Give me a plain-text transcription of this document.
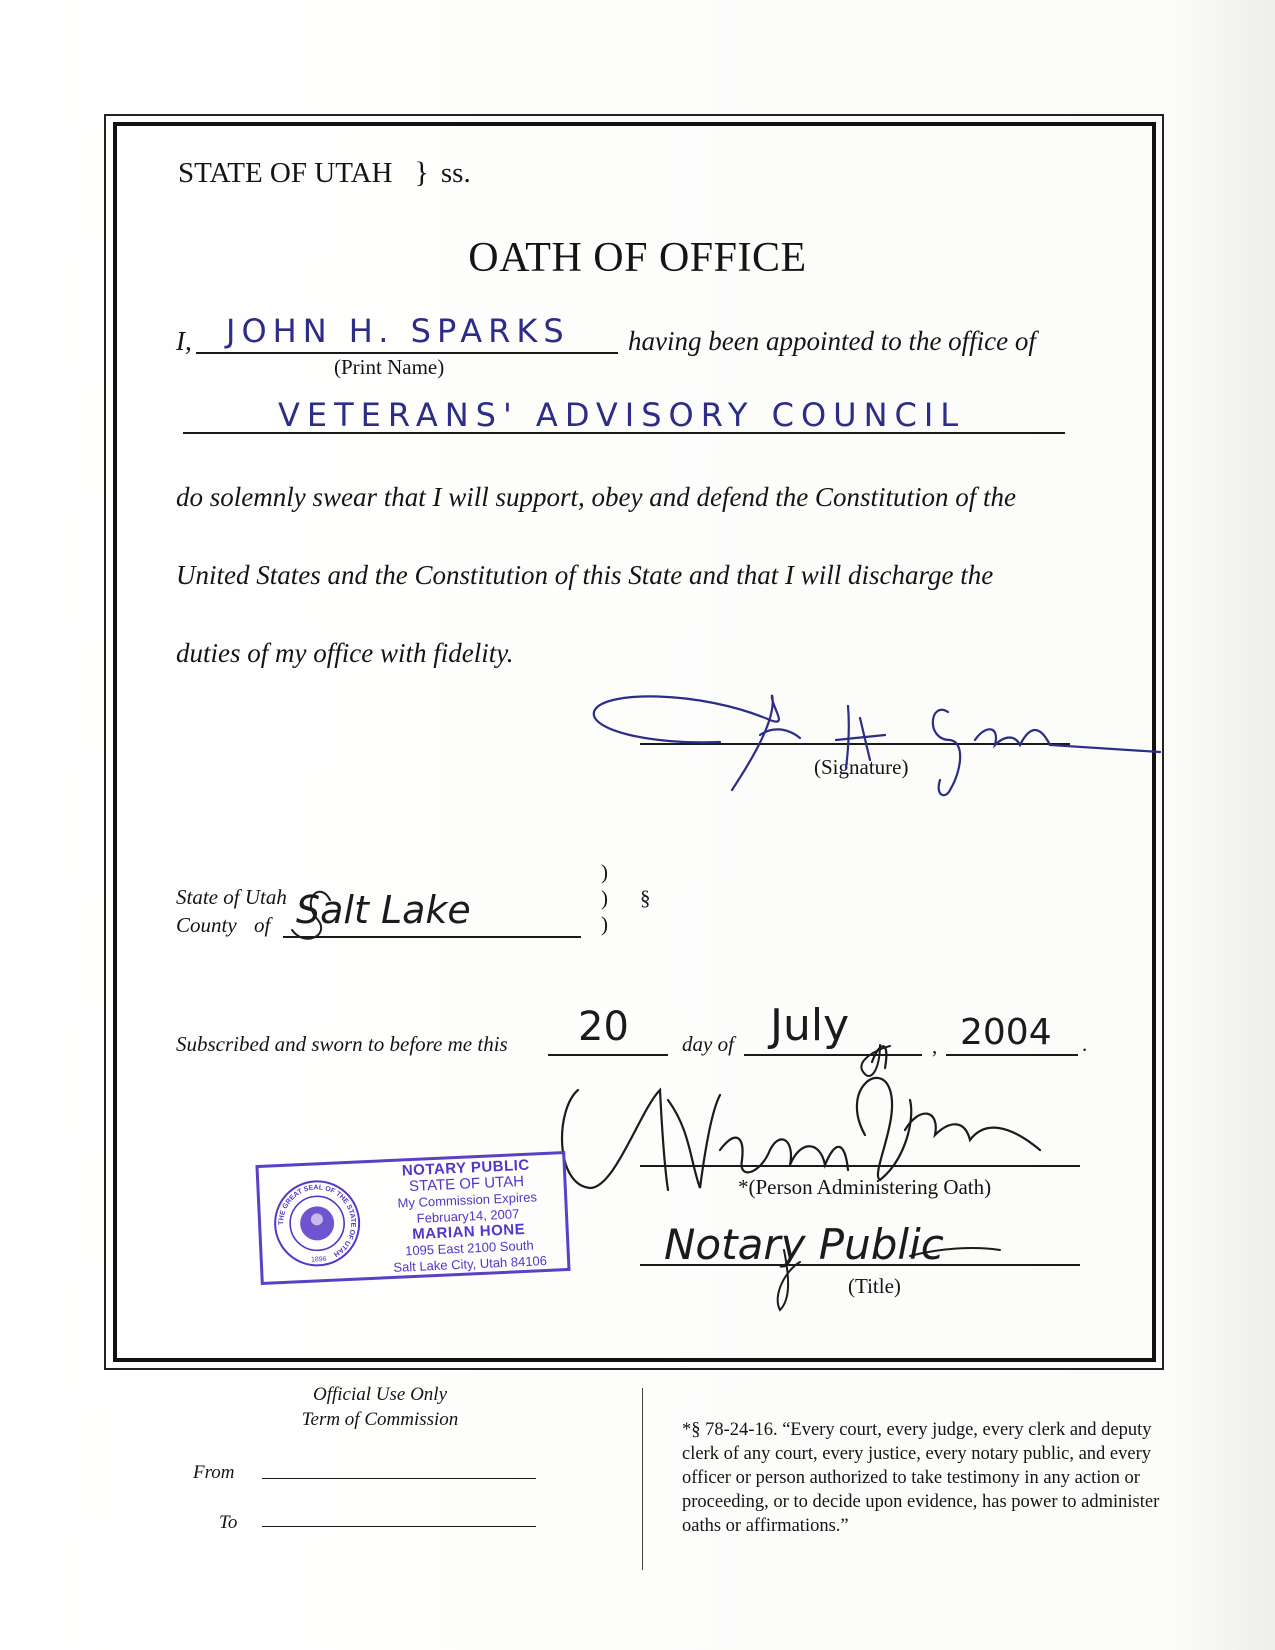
STATE OF UTAH } ss.
OATH OF OFFICE
I, JOHN H. SPARKS having been appointed to the office of
(Print Name)
VETERANS' ADVISORY COUNCIL
do solemnly swear that I will support, obey and defend the Constitution of the
United States and the Constitution of this State and that I will discharge the
duties of my office with fidelity.
(Signature)
State of Utah
County of Salt Lake
)
)
)
§
Subscribed and sworn to before me this 20	day of July	, 2004 .
*(Person Administering Oath)
Notary Public
(Title)
THE GREAT SEAL OF THE STATE OF UTAH
1896
NOTARY PUBLIC
STATE OF UTAH
My Commission Expires
February14, 2007
MARIAN HONE
1095 East 2100 South
Salt Lake City, Utah 84106
Official Use Only
Term of Commission
From
To
*§ 78-24-16. “Every court, every judge, every clerk and deputy clerk of any court, every justice, every notary public, and every officer or person authorized to take testimony in any action or proceeding, or to decide upon evidence, has power to administer oaths or affirmations.”
